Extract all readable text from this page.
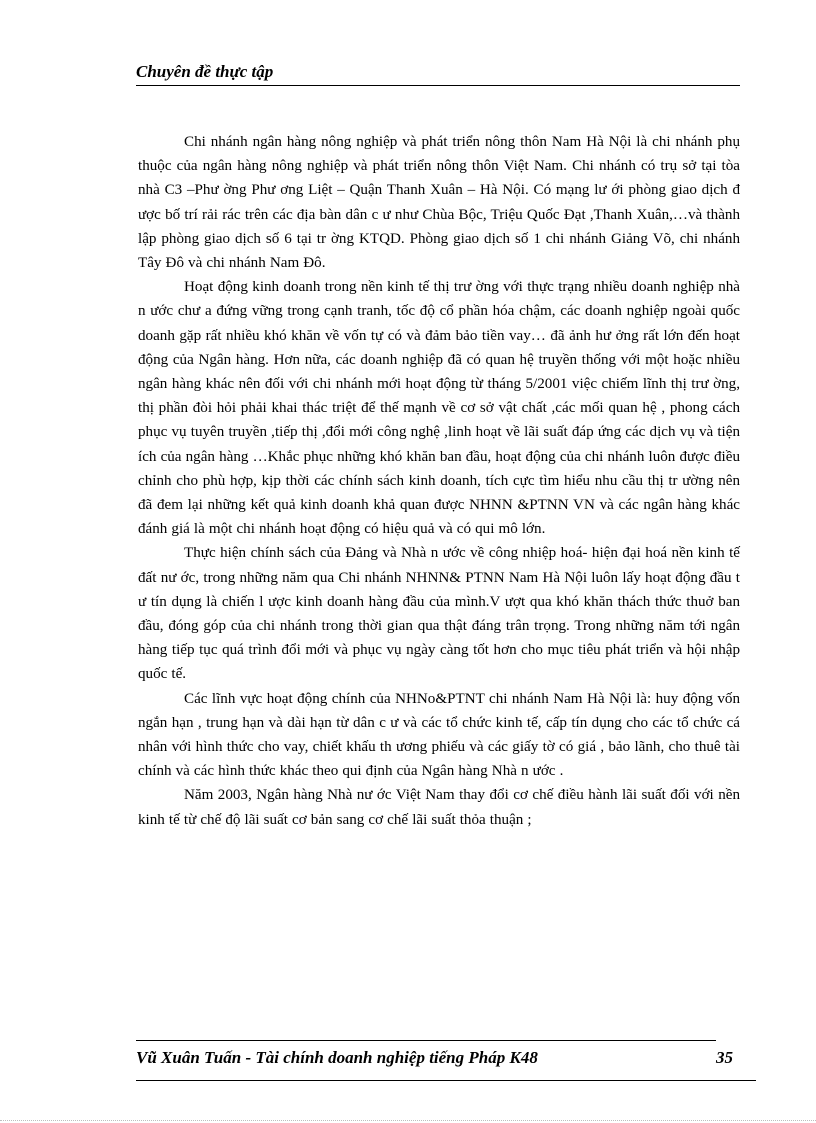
Chuyên đề thực tập

Chi nhánh ngân hàng nông nghiệp và phát triển nông thôn Nam Hà Nội là chi nhánh phụ thuộc của ngân hàng nông nghiệp và phát triển nông thôn Việt Nam. Chi nhánh có trụ sở tại tòa nhà C3 –Phư ờng Phư ơng Liệt – Quận Thanh Xuân – Hà Nội. Có mạng lư ới phòng giao dịch đ ược bố trí rải rác trên các địa bàn dân c ư như Chùa Bộc, Triệu Quốc Đạt ,Thanh Xuân,…và thành lập phòng giao dịch số 6 tại tr ờng KTQD. Phòng giao dịch số 1 chi nhánh Giảng Võ, chi nhánh Tây Đô và chi nhánh Nam Đô.

Hoạt động kinh doanh trong nền kinh tế thị trư ờng với thực trạng nhiều doanh nghiệp nhà n ước chư a đứng vững trong cạnh tranh, tốc độ cổ phần hóa chậm, các doanh nghiệp ngoài quốc doanh gặp rất nhiều khó khăn về vốn tự có và đảm bảo tiền vay… đã ảnh hư ởng rất lớn đến hoạt động của Ngân hàng. Hơn nữa, các doanh nghiệp đã có quan hệ truyền thống với một hoặc nhiều ngân hàng khác nên đối với chi nhánh mới hoạt động từ tháng 5/2001 việc chiếm lĩnh thị trư ờng, thị phần đòi hỏi phải khai thác triệt để thế mạnh về cơ sở vật chất ,các mối quan hệ , phong cách phục vụ tuyên truyền ,tiếp thị ,đổi mới công nghệ ,linh hoạt về lãi suất đáp ứng các dịch vụ và tiện ích của ngân hàng …Khắc phục những khó khăn ban đầu, hoạt động của chi nhánh luôn được điều chỉnh cho phù hợp, kịp thời các chính sách kinh doanh, tích cực tìm hiểu nhu cầu thị tr ường nên đã đem lại những kết quả kinh doanh khả quan được NHNN &PTNN VN và các ngân hàng khác đánh giá là một chi nhánh hoạt động có hiệu quả và có qui mô lớn.

Thực hiện chính sách của Đảng và Nhà n ước về công nhiệp hoá- hiện đại hoá nền kinh tế đất nư ớc, trong những năm qua Chi nhánh NHNN& PTNN Nam Hà Nội luôn lấy hoạt động đầu t ư tín dụng là chiến l ược kinh doanh hàng đầu của mình.V ượt qua khó khăn thách thức thuở ban đầu, đóng góp của chi nhánh trong thời gian qua thật đáng trân trọng. Trong những năm tới ngân hàng tiếp tục quá trình đổi mới và phục vụ ngày càng tốt hơn cho mục tiêu phát triển và hội nhập quốc tế.

Các lĩnh vực hoạt động chính của NHNo&PTNT chi nhánh Nam Hà Nội là: huy động vốn ngắn hạn , trung hạn và dài hạn từ dân c ư và các tổ chức kinh tế, cấp tín dụng cho các tổ chức cá nhân với hình thức cho vay, chiết khấu th ương phiếu và các giấy tờ có giá , bảo lãnh, cho thuê tài chính và các hình thức khác theo qui định của Ngân hàng Nhà n ước .

Năm 2003, Ngân hàng Nhà nư ớc Việt Nam thay đổi cơ chế điều hành lãi suất đối với nền kinh tế từ chế độ lãi suất cơ bản sang cơ chế lãi suất thỏa thuận ;

Vũ Xuân Tuấn - Tài chính doanh nghiệp tiếng Pháp K48	35
